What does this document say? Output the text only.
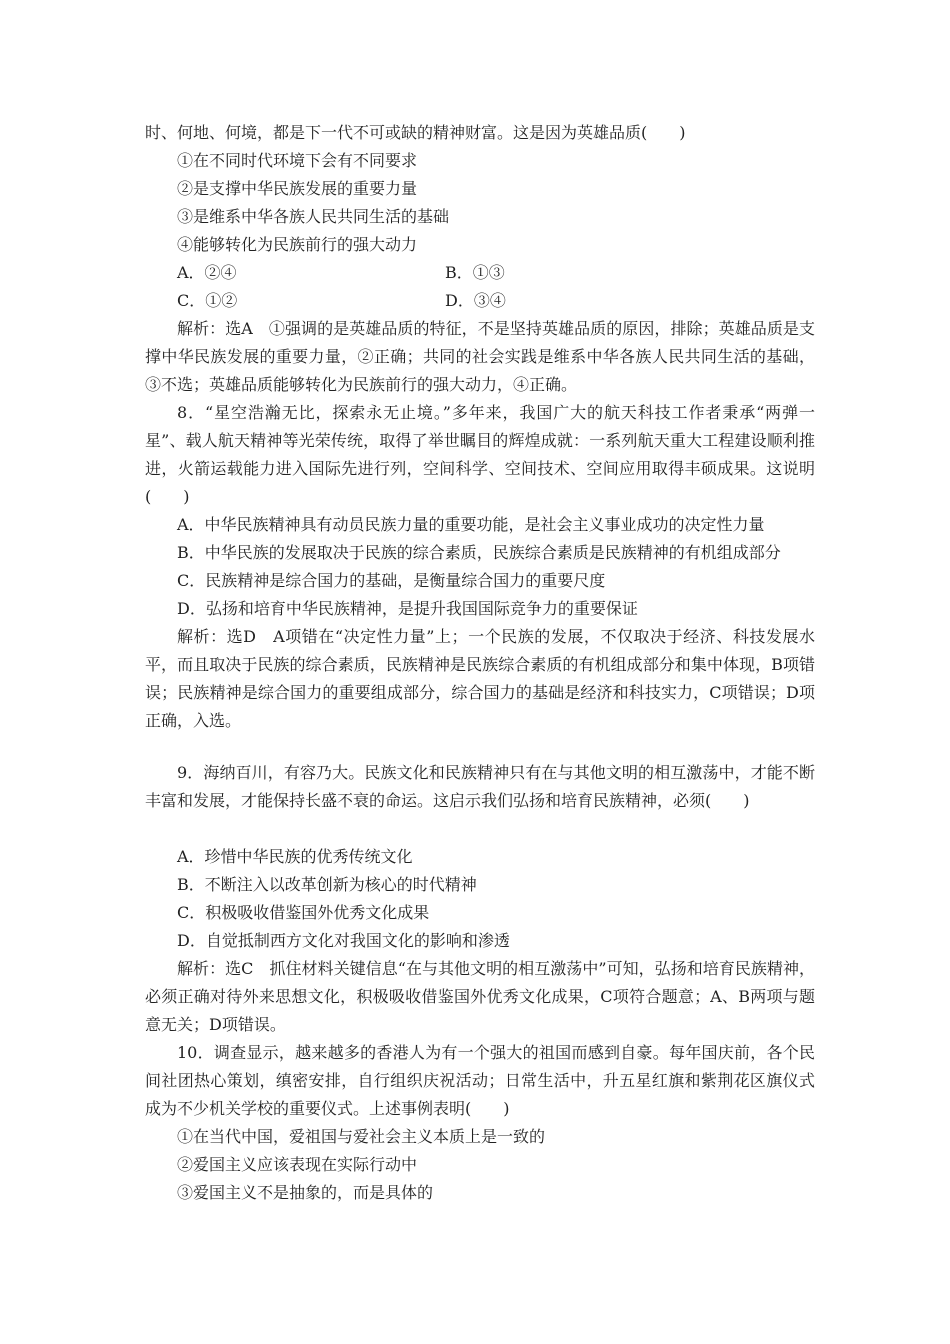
时、何地、何境，都是下一代不可或缺的精神财富。这是因为英雄品质(　　)
①在不同时代环境下会有不同要求
②是支撑中华民族发展的重要力量
③是维系中华各族人民共同生活的基础
④能够转化为民族前行的强大动力
A．②④	B．①③
C．①②	D．③④
解析：选A　①强调的是英雄品质的特征，不是坚持英雄品质的原因，排除；英雄品质是支撑中华民族发展的重要力量，②正确；共同的社会实践是维系中华各族人民共同生活的基础，③不选；英雄品质能够转化为民族前行的强大动力，④正确。
8．“星空浩瀚无比，探索永无止境。”多年来，我国广大的航天科技工作者秉承“两弹一星”、载人航天精神等光荣传统，取得了举世瞩目的辉煌成就：一系列航天重大工程建设顺利推进，火箭运载能力进入国际先进行列，空间科学、空间技术、空间应用取得丰硕成果。这说明(　　)
A．中华民族精神具有动员民族力量的重要功能，是社会主义事业成功的决定性力量
B．中华民族的发展取决于民族的综合素质，民族综合素质是民族精神的有机组成部分
C．民族精神是综合国力的基础，是衡量综合国力的重要尺度
D．弘扬和培育中华民族精神，是提升我国国际竞争力的重要保证
解析：选D　A项错在“决定性力量”上；一个民族的发展，不仅取决于经济、科技发展水平，而且取决于民族的综合素质，民族精神是民族综合素质的有机组成部分和集中体现，B项错误；民族精神是综合国力的重要组成部分，综合国力的基础是经济和科技实力，C项错误；D项正确，入选。
9．海纳百川，有容乃大。民族文化和民族精神只有在与其他文明的相互激荡中，才能不断丰富和发展，才能保持长盛不衰的命运。这启示我们弘扬和培育民族精神，必须(　　)
A．珍惜中华民族的优秀传统文化
B．不断注入以改革创新为核心的时代精神
C．积极吸收借鉴国外优秀文化成果
D．自觉抵制西方文化对我国文化的影响和渗透
解析：选C　抓住材料关键信息“在与其他文明的相互激荡中”可知，弘扬和培育民族精神，必须正确对待外来思想文化，积极吸收借鉴国外优秀文化成果，C项符合题意；A、B两项与题意无关；D项错误。
10．调查显示，越来越多的香港人为有一个强大的祖国而感到自豪。每年国庆前，各个民间社团热心策划，缜密安排，自行组织庆祝活动；日常生活中，升五星红旗和紫荆花区旗仪式成为不少机关学校的重要仪式。上述事例表明(　　)
①在当代中国，爱祖国与爱社会主义本质上是一致的
②爱国主义应该表现在实际行动中
③爱国主义不是抽象的，而是具体的
